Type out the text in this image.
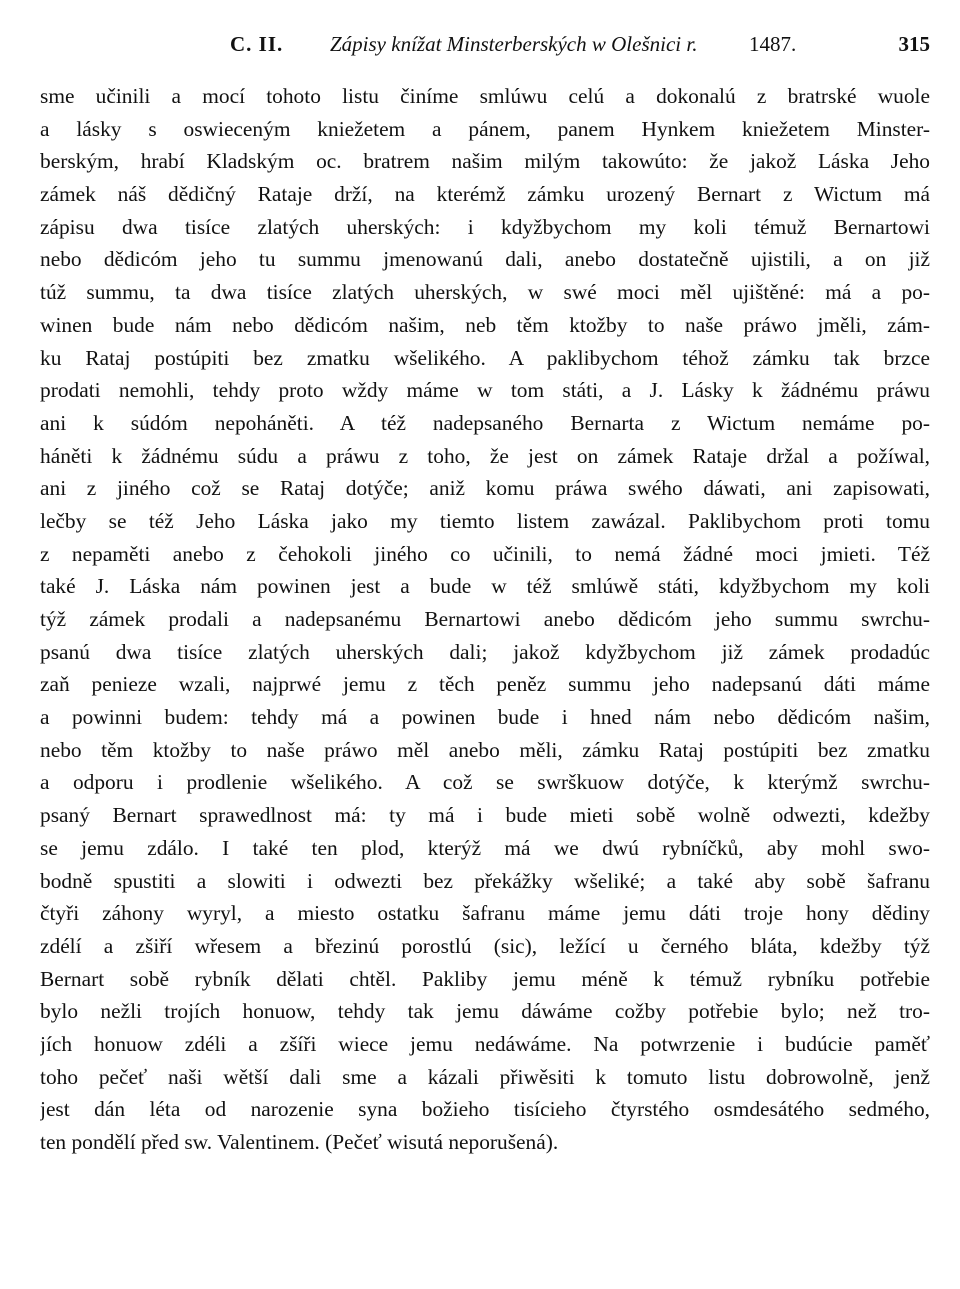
C. II. Zápisy knížat Minsterberských w Olešnici r. 1487.	315
sme učinili a mocí tohoto listu činíme smlúwu celú a dokonalú z bratrské wuole
a lásky s oswieceným kniežetem a pánem, panem Hynkem kniežetem Minster-
berským, hrabí Kladským oc. bratrem našim milým takowúto: že jakož Láska Jeho
zámek náš dědičný Rataje drží, na kterémž zámku urozený Bernart z Wictum má
zápisu dwa tisíce zlatých uherských: i kdyžbychom my koli témuž Bernartowi
nebo dědicóm jeho tu summu jmenowanú dali, anebo dostatečně ujistili, a on již
túž summu, ta dwa tisíce zlatých uherských, w swé moci měl ujištěné: má a po-
winen bude nám nebo dědicóm našim, neb těm ktožby to naše práwo jměli, zám-
ku Rataj postúpiti bez zmatku wšelikého. A paklibychom téhož zámku tak brzce
prodati nemohli, tehdy proto wždy máme w tom státi, a J. Lásky k žádnému práwu
ani k súdóm nepoháněti. A též nadepsaného Bernarta z Wictum nemáme po-
háněti k žádnému súdu a práwu z toho, že jest on zámek Rataje držal a požíwal,
ani z jiného což se Rataj dotýče; aniž komu práwa swého dáwati, ani zapisowati,
lečby se též Jeho Láska jako my tiemto listem zawázal. Paklibychom proti tomu
z nepaměti anebo z čehokoli jiného co učinili, to nemá žádné moci jmieti. Též
také J. Láska nám powinen jest a bude w též smlúwě státi, kdyžbychom my koli
týž zámek prodali a nadepsanému Bernartowi anebo dědicóm jeho summu swrchu-
psanú dwa tisíce zlatých uherských dali; jakož kdyžbychom již zámek prodadúc
zaň penieze wzali, najprwé jemu z těch peněz summu jeho nadepsanú dáti máme
a powinni budem: tehdy má a powinen bude i hned nám nebo dědicóm našim,
nebo těm ktožby to naše práwo měl anebo měli, zámku Rataj postúpiti bez zmatku
a odporu i prodlenie wšelikého. A což se swrškuow dotýče, k kterýmž swrchu-
psaný Bernart sprawedlnost má: ty má i bude mieti sobě wolně odwezti, kdežby
se jemu zdálo. I také ten plod, kterýž má we dwú rybníčků, aby mohl swo-
bodně spustiti a slowiti i odwezti bez překážky wšeliké; a také aby sobě šafranu
čtyři záhony wyryl, a miesto ostatku šafranu máme jemu dáti troje hony dědiny
zdélí a zšiří wřesem a březinú porostlú (sic), ležící u černého bláta, kdežby týž
Bernart sobě rybník dělati chtěl. Pakliby jemu méně k témuž rybníku potřebie
bylo nežli trojích honuow, tehdy tak jemu dáwáme cožby potřebie bylo; než tro-
jích honuow zdéli a zšíři wiece jemu nedáwáme. Na potwrzenie i budúcie paměť
toho pečeť naši wětší dali sme a kázali přiwěsiti k tomuto listu dobrowolně, jenž
jest dán léta od narozenie syna božieho tisícieho čtyrstého osmdesátého sedmého,
ten pondělí před sw. Valentinem. (Pečeť wisutá neporušená).
